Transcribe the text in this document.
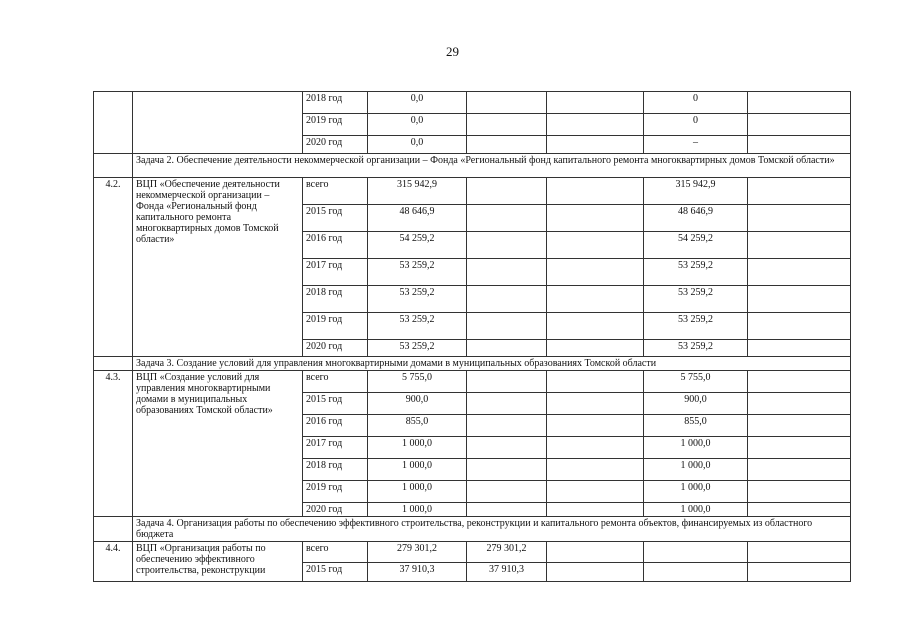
29
		2018 год	0,0			0	
		2019 год	0,0			0	
		2020 год	0,0			–	
	Задача 2. Обеспечение деятельности некоммерческой организации – Фонда «Региональный фонд капитального ремонта многоквартирных домов Томской области»						
4.2.	ВЦП «Обеспечение деятельности некоммерческой организации – Фонда «Региональный фонд капитального ремонта многоквартирных домов Томской области»	всего	315 942,9			315 942,9	
		2015 год	48 646,9			48 646,9	
		2016 год	54 259,2			54 259,2	
		2017 год	53 259,2			53 259,2	
		2018 год	53 259,2			53 259,2	
		2019 год	53 259,2			53 259,2	
		2020 год	53 259,2			53 259,2	
	Задача 3. Создание условий для управления многоквартирными домами в муниципальных образованиях Томской области						
4.3.	ВЦП «Создание условий для управления многоквартирными домами в муниципальных образованиях Томской области»	всего	5 755,0			5 755,0	
		2015 год	900,0			900,0	
		2016 год	855,0			855,0	
		2017 год	1 000,0			1 000,0	
		2018 год	1 000,0			1 000,0	
		2019 год	1 000,0			1 000,0	
		2020 год	1 000,0			1 000,0	
	Задача 4. Организация работы по обеспечению эффективного строительства, реконструкции и капитального ремонта объектов, финансируемых из областного бюджета						
4.4.	ВЦП «Организация работы по обеспечению эффективного строительства, реконструкции	всего	279 301,2	279 301,2			
		2015 год	37 910,3	37 910,3			
